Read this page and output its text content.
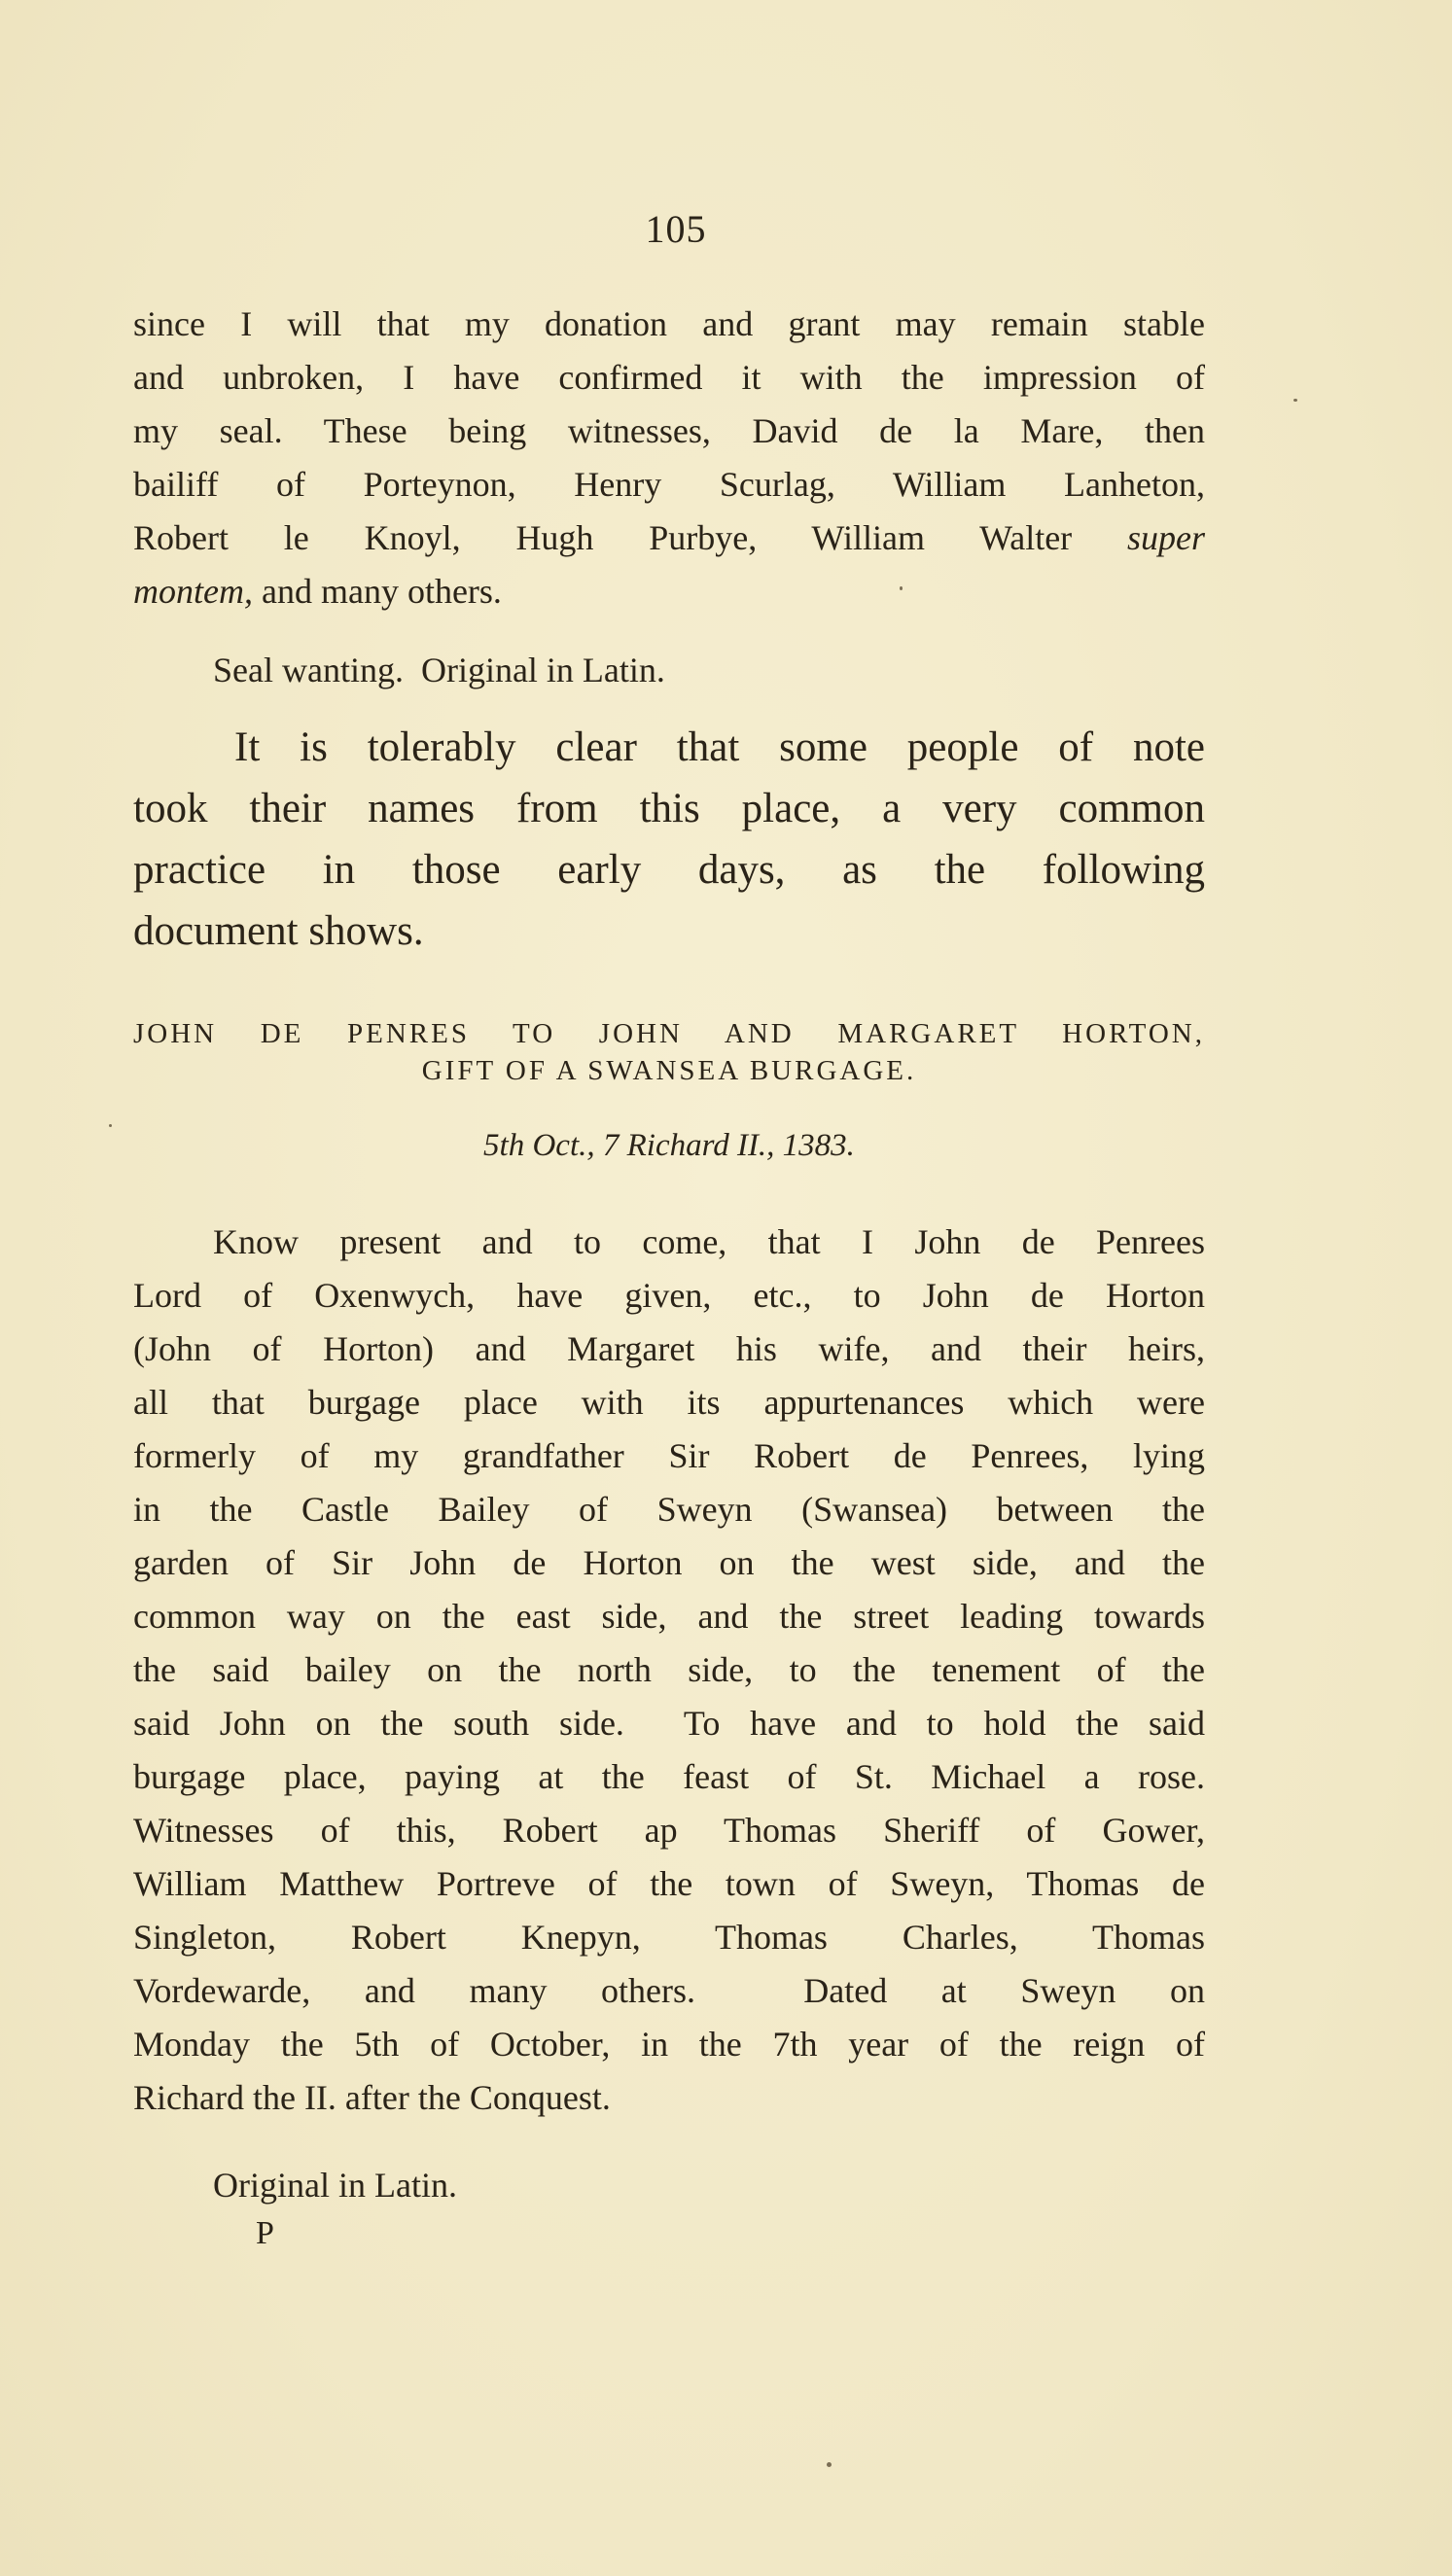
105
since I will that my donation and grant may remain stable
and unbroken, I have confirmed it with the impression of
my seal. These being witnesses, David de la Mare, then
bailiff of Porteynon, Henry Scurlag, William Lanheton,
Robert le Knoyl, Hugh Purbye, William Walter super
montem, and many others.
Seal wanting.  Original in Latin.
It is tolerably clear that some people of note
took their names from this place, a very common
practice in those early days, as the following
document shows.
JOHN DE PENRES TO JOHN AND MARGARET HORTON,
GIFT OF A SWANSEA BURGAGE.
5th Oct., 7 Richard II., 1383.
Know present and to come, that I John de Penrees
Lord of Oxenwych, have given, etc., to John de Horton
(John of Horton) and Margaret his wife, and their heirs,
all that burgage place with its appurtenances which were
formerly of my grandfather Sir Robert de Penrees, lying
in the Castle Bailey of Sweyn (Swansea) between the
garden of Sir John de Horton on the west side, and the
common way on the east side, and the street leading towards
the said bailey on the north side, to the tenement of the
said John on the south side.  To have and to hold the said
burgage place, paying at the feast of St. Michael a rose.
Witnesses of this, Robert ap Thomas Sheriff of Gower,
William Matthew Portreve of the town of Sweyn, Thomas de
Singleton, Robert Knepyn, Thomas Charles, Thomas
Vordewarde, and many others.  Dated at Sweyn on
Monday the 5th of October, in the 7th year of the reign of
Richard the II. after the Conquest.
Original in Latin.
P
